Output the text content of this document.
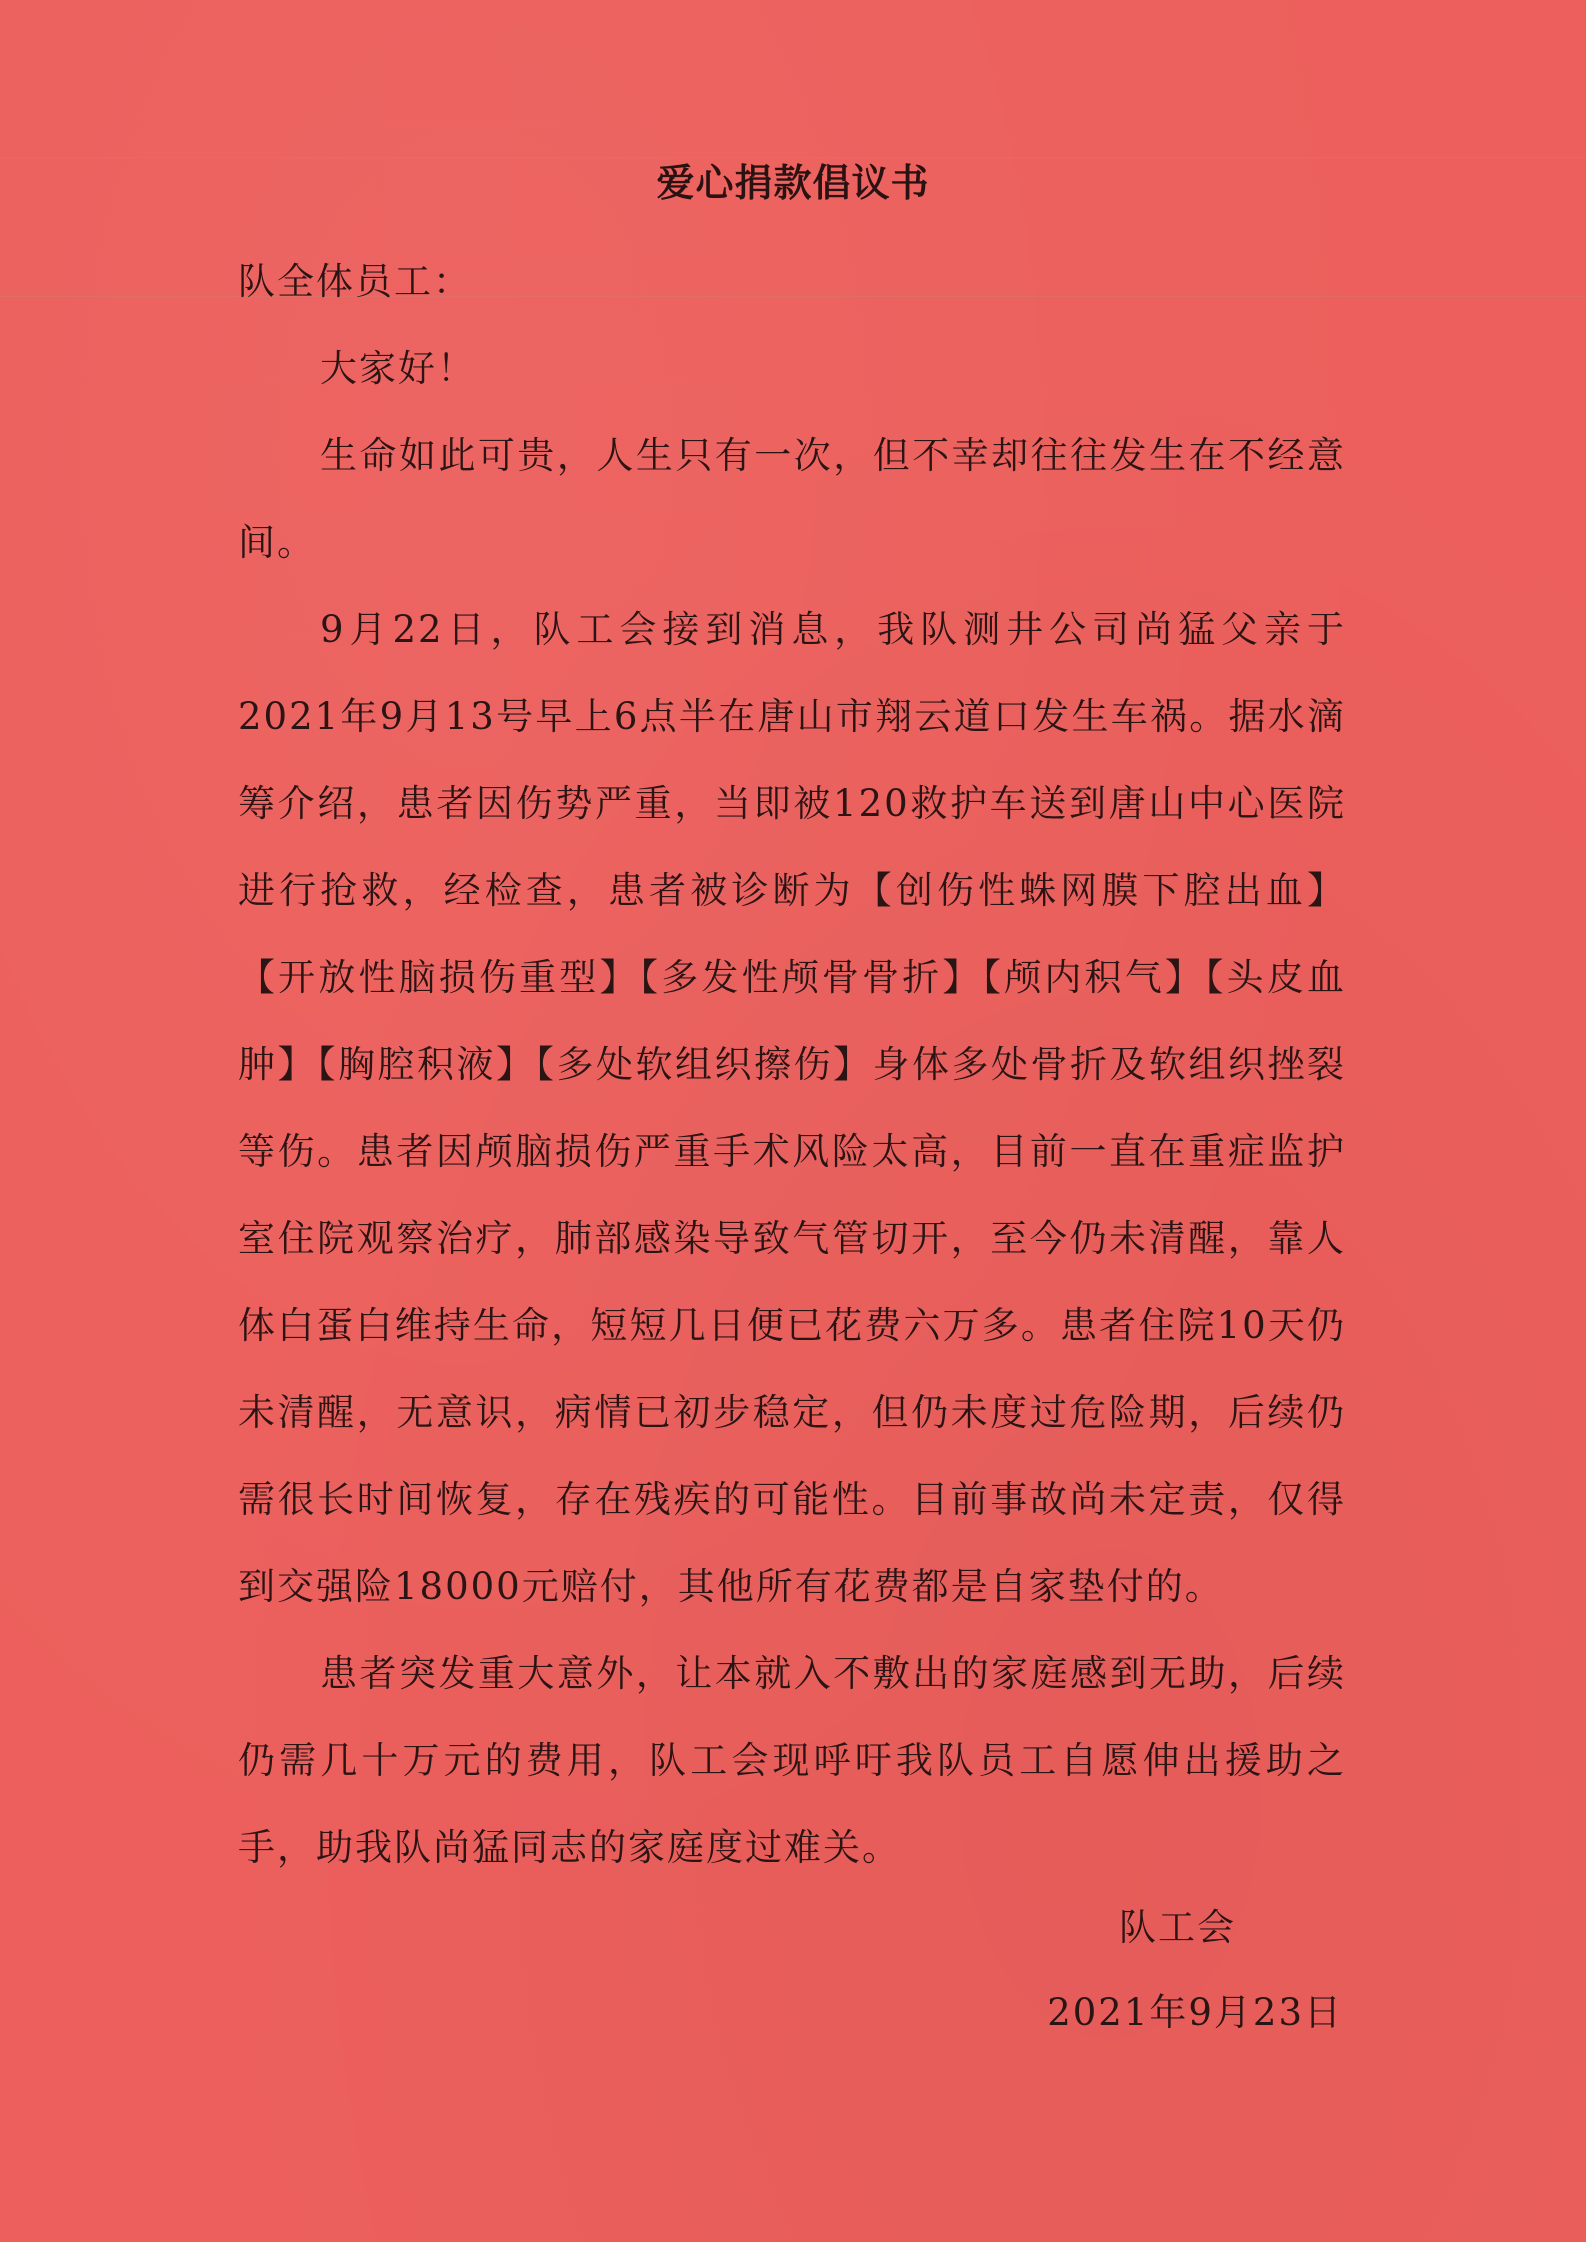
爱心捐款倡议书

队全体员工：

大家好！

生命如此可贵，人生只有一次，但不幸却往往发生在不经意间。

9月22日，队工会接到消息，我队测井公司尚猛父亲于2021年9月13号早上6点半在唐山市翔云道口发生车祸。据水滴筹介绍，患者因伤势严重，当即被120救护车送到唐山中心医院进行抢救，经检查，患者被诊断为【创伤性蛛网膜下腔出血】【开放性脑损伤重型】【多发性颅骨骨折】【颅内积气】【头皮血肿】【胸腔积液】【多处软组织擦伤】身体多处骨折及软组织挫裂等伤。患者因颅脑损伤严重手术风险太高，目前一直在重症监护室住院观察治疗，肺部感染导致气管切开，至今仍未清醒，靠人体白蛋白维持生命，短短几日便已花费六万多。患者住院10天仍未清醒，无意识，病情已初步稳定，但仍未度过危险期，后续仍需很长时间恢复，存在残疾的可能性。目前事故尚未定责，仅得到交强险18000元赔付，其他所有花费都是自家垫付的。

患者突发重大意外，让本就入不敷出的家庭感到无助，后续仍需几十万元的费用，队工会现呼吁我队员工自愿伸出援助之手，助我队尚猛同志的家庭度过难关。

队工会
2021年9月23日
